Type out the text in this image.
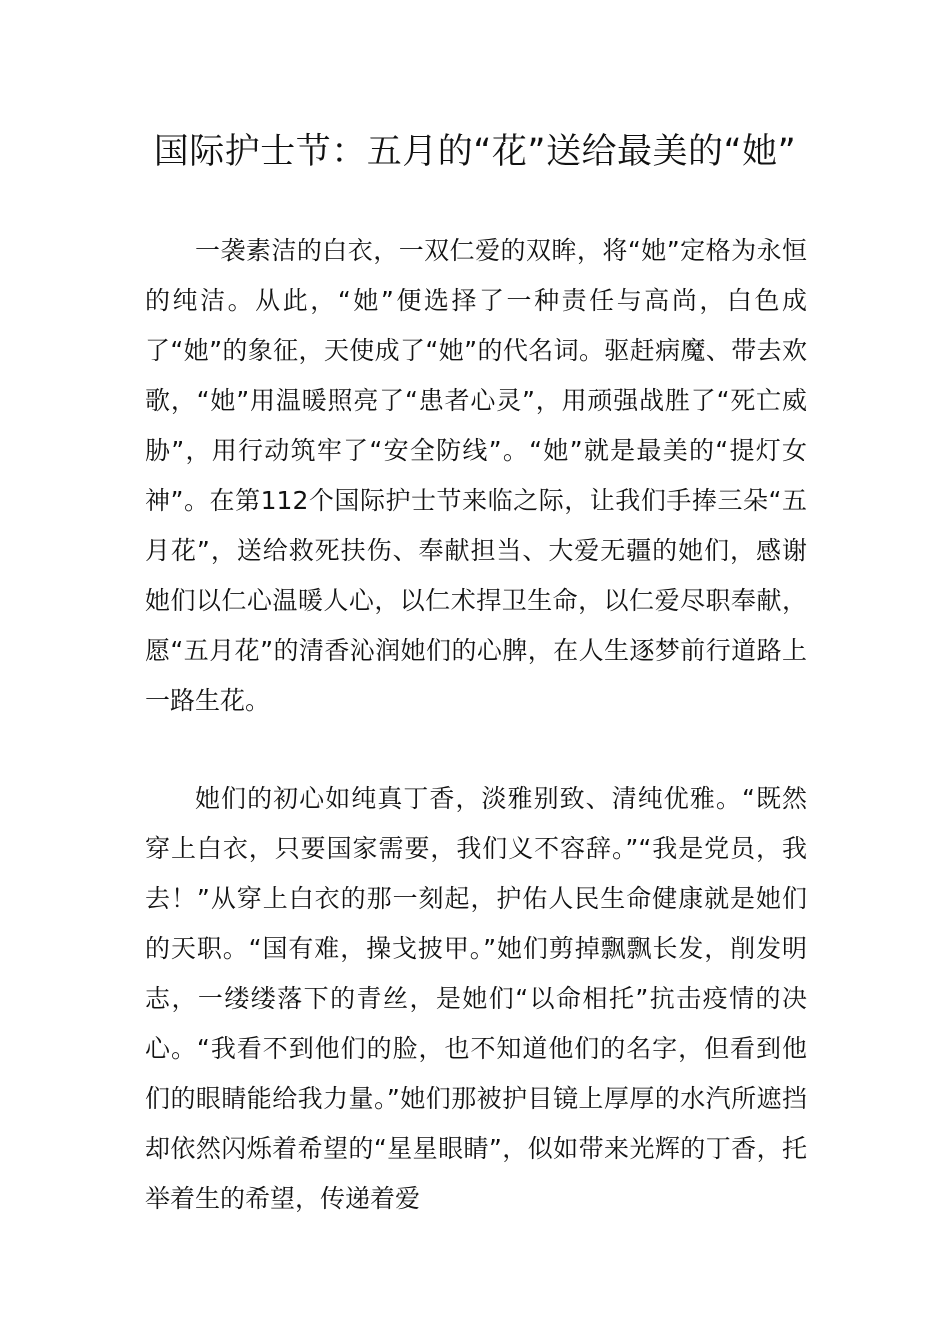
国际护士节：五月的“花”送给最美的“她”

一袭素洁的白衣，一双仁爱的双眸，将“她”定格为永恒的纯洁。从此，“她”便选择了一种责任与高尚，白色成了“她”的象征，天使成了“她”的代名词。驱赶病魔、带去欢歌，“她”用温暖照亮了“患者心灵”，用顽强战胜了“死亡威胁”，用行动筑牢了“安全防线”。“她”就是最美的“提灯女神”。在第112个国际护士节来临之际，让我们手捧三朵“五月花”，送给救死扶伤、奉献担当、大爱无疆的她们，感谢她们以仁心温暖人心，以仁术捍卫生命，以仁爱尽职奉献，愿“五月花”的清香沁润她们的心脾，在人生逐梦前行道路上一路生花。

她们的初心如纯真丁香，淡雅别致、清纯优雅。“既然穿上白衣，只要国家需要，我们义不容辞。”“我是党员，我去！”从穿上白衣的那一刻起，护佑人民生命健康就是她们的天职。“国有难，操戈披甲。”她们剪掉飘飘长发，削发明志，一缕缕落下的青丝，是她们“以命相托”抗击疫情的决心。“我看不到他们的脸，也不知道他们的名字，但看到他们的眼睛能给我力量。”她们那被护目镜上厚厚的水汽所遮挡却依然闪烁着希望的“星星眼睛”，似如带来光辉的丁香，托举着生的希望，传递着爱
